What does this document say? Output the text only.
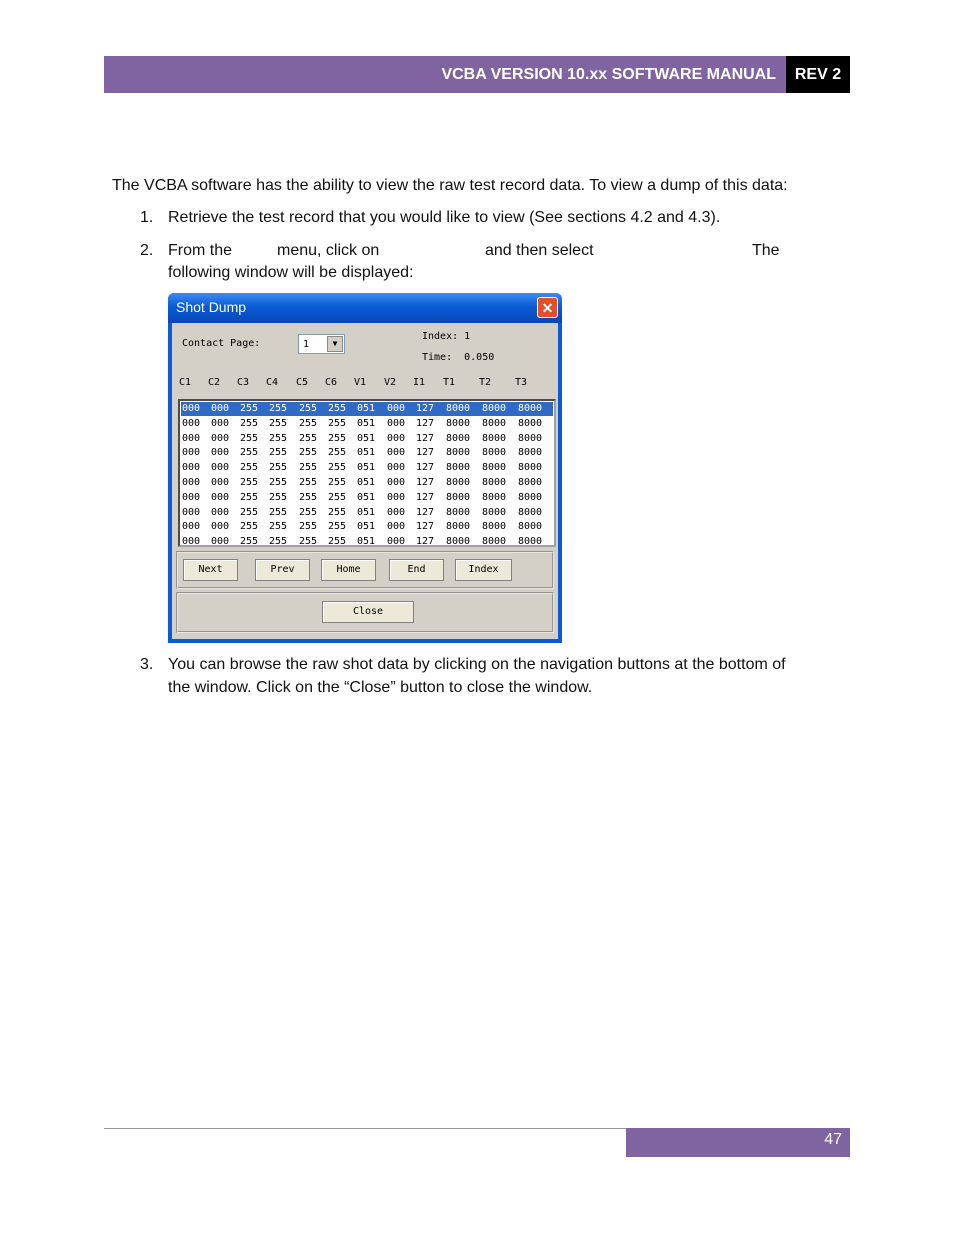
VCBA VERSION 10.xx SOFTWARE MANUAL	REV 2
The VCBA software has the ability to view the raw test record data. To view a dump of this data:
1. Retrieve the test record that you would like to view (See sections 4.2 and 4.3).
2. From the	menu, click on	and then select	The
following window will be displayed:
Shot Dump	✕
Contact Page:	1	▼
Index: 1
Time:  0.050
C1 C2 C3 C4 C5 C6 V1 V2 I1 T1 T2 T3
000 000 255 255 255 255 051 000 127 8000 8000 8000
000 000 255 255 255 255 051 000 127 8000 8000 8000
000 000 255 255 255 255 051 000 127 8000 8000 8000
000 000 255 255 255 255 051 000 127 8000 8000 8000
000 000 255 255 255 255 051 000 127 8000 8000 8000
000 000 255 255 255 255 051 000 127 8000 8000 8000
000 000 255 255 255 255 051 000 127 8000 8000 8000
000 000 255 255 255 255 051 000 127 8000 8000 8000
000 000 255 255 255 255 051 000 127 8000 8000 8000
000 000 255 255 255 255 051 000 127 8000 8000 8000
Next	Prev	Home	End	Index
Close
3. You can browse the raw shot data by clicking on the navigation buttons at the bottom of
the window. Click on the “Close” button to close the window.
47
